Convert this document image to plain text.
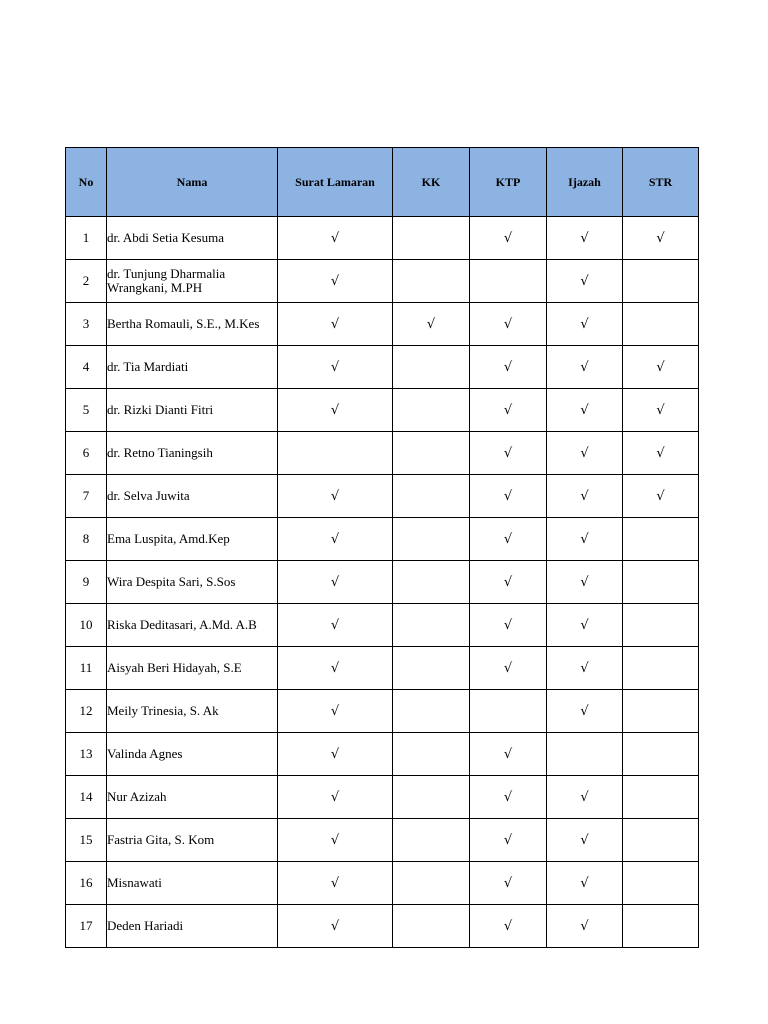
No	Nama	Surat Lamaran	KK	KTP	Ijazah	STR
1	dr. Abdi Setia Kesuma	√		√	√	√
2	dr. Tunjung Dharmalia Wrangkani, M.PH	√			√	
3	Bertha Romauli, S.E., M.Kes	√	√	√	√	
4	dr. Tia Mardiati	√		√	√	√
5	dr. Rizki Dianti Fitri	√		√	√	√
6	dr. Retno Tianingsih			√	√	√
7	dr. Selva Juwita	√		√	√	√
8	Ema Luspita, Amd.Kep	√		√	√	
9	Wira Despita Sari, S.Sos	√		√	√	
10	Riska Deditasari, A.Md. A.B	√		√	√	
11	Aisyah Beri Hidayah, S.E	√		√	√	
12	Meily Trinesia, S. Ak	√			√	
13	Valinda Agnes	√		√		
14	Nur Azizah	√		√	√	
15	Fastria Gita, S. Kom	√		√	√	
16	Misnawati	√		√	√	
17	Deden Hariadi	√		√	√	
